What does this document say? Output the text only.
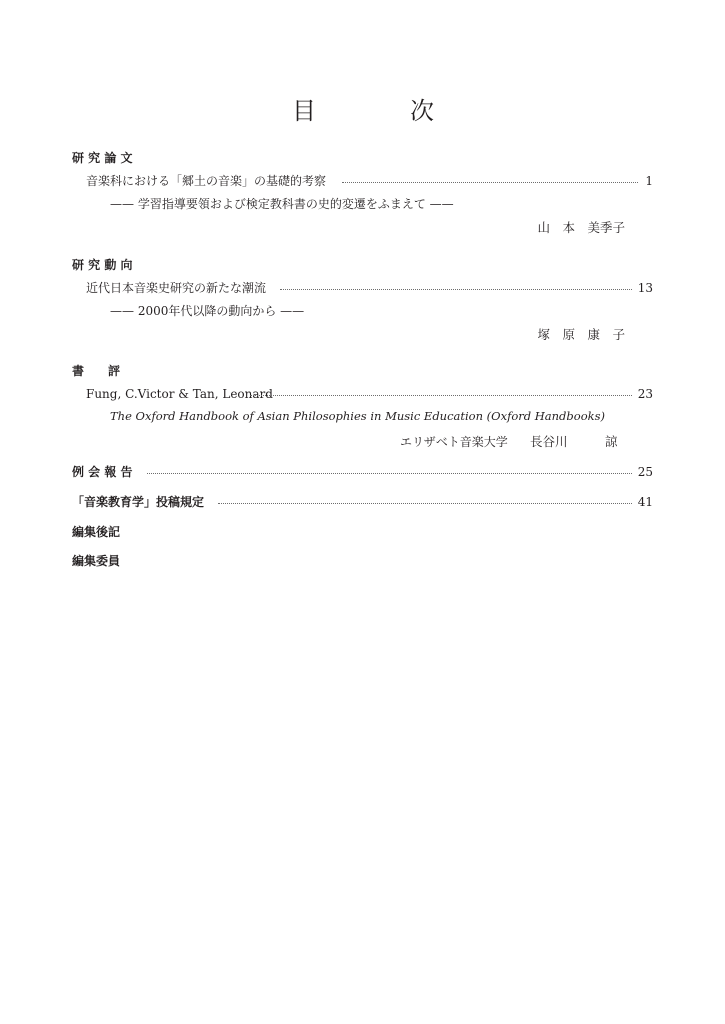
目	次
研 究 論 文
音楽科における「郷土の音楽」の基礎的考察	1
—— 学習指導要領および検定教科書の史的変遷をふまえて ——
山　本　美季子
研 究 動 向
近代日本音楽史研究の新たな潮流	13
—— 2000年代以降の動向から ——
塚　原　康　子
書　　評
Fung, C.Victor & Tan, Leonard	23
The Oxford Handbook of Asian Philosophies in Music Education (Oxford Handbooks)
エリザベト音楽大学 長谷川　　　諒
例 会 報 告	25
「音楽教育学」投稿規定	41
編集後記
編集委員
